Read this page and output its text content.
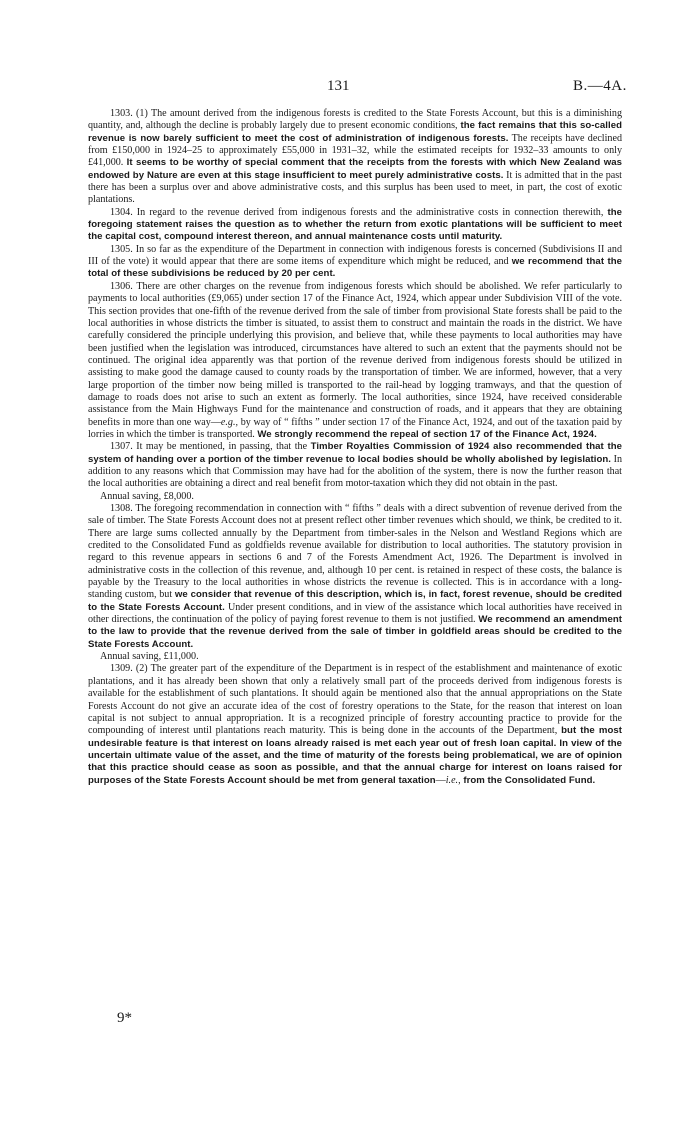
131	B.—4A.

1303. (1) The amount derived from the indigenous forests is credited to the State Forests Account, but this is a diminishing quantity, and, although the decline is probably largely due to present economic conditions, the fact remains that this so-called revenue is now barely sufficient to meet the cost of administration of indigenous forests. The receipts have declined from £150,000 in 1924–25 to approximately £55,000 in 1931–32, while the estimated receipts for 1932–33 amounts to only £41,000. It seems to be worthy of special comment that the receipts from the forests with which New Zealand was endowed by Nature are even at this stage insufficient to meet purely administrative costs. It is admitted that in the past there has been a surplus over and above administrative costs, and this surplus has been used to meet, in part, the cost of exotic plantations.

1304. In regard to the revenue derived from indigenous forests and the administrative costs in connection therewith, the foregoing statement raises the question as to whether the return from exotic plantations will be sufficient to meet the capital cost, compound interest thereon, and annual maintenance costs until maturity.

1305. In so far as the expenditure of the Department in connection with indigenous forests is concerned (Subdivisions II and III of the vote) it would appear that there are some items of expenditure which might be reduced, and we recommend that the total of these subdivisions be reduced by 20 per cent.

1306. There are other charges on the revenue from indigenous forests which should be abolished. We refer particularly to payments to local authorities (£9,065) under section 17 of the Finance Act, 1924, which appear under Subdivision VIII of the vote. This section provides that one-fifth of the revenue derived from the sale of timber from provisional State forests shall be paid to the local authorities in whose districts the timber is situated, to assist them to construct and maintain the roads in the district. We have carefully considered the principle underlying this provision, and believe that, while these payments to local authorities may have been justified when the legislation was introduced, circumstances have altered to such an extent that the payments should not be continued. The original idea apparently was that portion of the revenue derived from indigenous forests should be utilized in assisting to make good the damage caused to county roads by the transportation of timber. We are informed, however, that a very large proportion of the timber now being milled is transported to the rail-head by logging tramways, and that the question of damage to roads does not arise to such an extent as formerly. The local authorities, since 1924, have received considerable assistance from the Main Highways Fund for the maintenance and construction of roads, and it appears that they are obtaining benefits in more than one way—e.g., by way of “ fifths ” under section 17 of the Finance Act, 1924, and out of the taxation paid by lorries in which the timber is transported. We strongly recommend the repeal of section 17 of the Finance Act, 1924.

1307. It may be mentioned, in passing, that the Timber Royalties Commission of 1924 also recommended that the system of handing over a portion of the timber revenue to local bodies should be wholly abolished by legislation. In addition to any reasons which that Commission may have had for the abolition of the system, there is now the further reason that the local authorities are obtaining a direct and real benefit from motor-taxation which they did not obtain in the past.

Annual saving, £8,000.

1308. The foregoing recommendation in connection with “ fifths ” deals with a direct subvention of revenue derived from the sale of timber. The State Forests Account does not at present reflect other timber revenues which should, we think, be credited to it. There are large sums collected annually by the Department from timber-sales in the Nelson and Westland Regions which are credited to the Consolidated Fund as goldfields revenue available for distribution to local authorities. The statutory provision in regard to this revenue appears in sections 6 and 7 of the Forests Amendment Act, 1926. The Department is involved in administrative costs in the collection of this revenue, and, although 10 per cent. is retained in respect of these costs, the balance is payable by the Treasury to the local authorities in whose districts the revenue is collected. This is in accordance with a long-standing custom, but we consider that revenue of this description, which is, in fact, forest revenue, should be credited to the State Forests Account. Under present conditions, and in view of the assistance which local authorities have received in other directions, the continuation of the policy of paying forest revenue to them is not justified. We recommend an amendment to the law to provide that the revenue derived from the sale of timber in goldfield areas should be credited to the State Forests Account.

Annual saving, £11,000.

1309. (2) The greater part of the expenditure of the Department is in respect of the establishment and maintenance of exotic plantations, and it has already been shown that only a relatively small part of the proceeds derived from indigenous forests is available for the establishment of such plantations. It should again be mentioned also that the annual appropriations on the State Forests Account do not give an accurate idea of the cost of forestry operations to the State, for the reason that interest on loan capital is not subject to annual appropriation. It is a recognized principle of forestry accounting practice to provide for the compounding of interest until plantations reach maturity. This is being done in the accounts of the Department, but the most undesirable feature is that interest on loans already raised is met each year out of fresh loan capital. In view of the uncertain ultimate value of the asset, and the time of maturity of the forests being problematical, we are of opinion that this practice should cease as soon as possible, and that the annual charge for interest on loans raised for purposes of the State Forests Account should be met from general taxation—i.e., from the Consolidated Fund.

9*
